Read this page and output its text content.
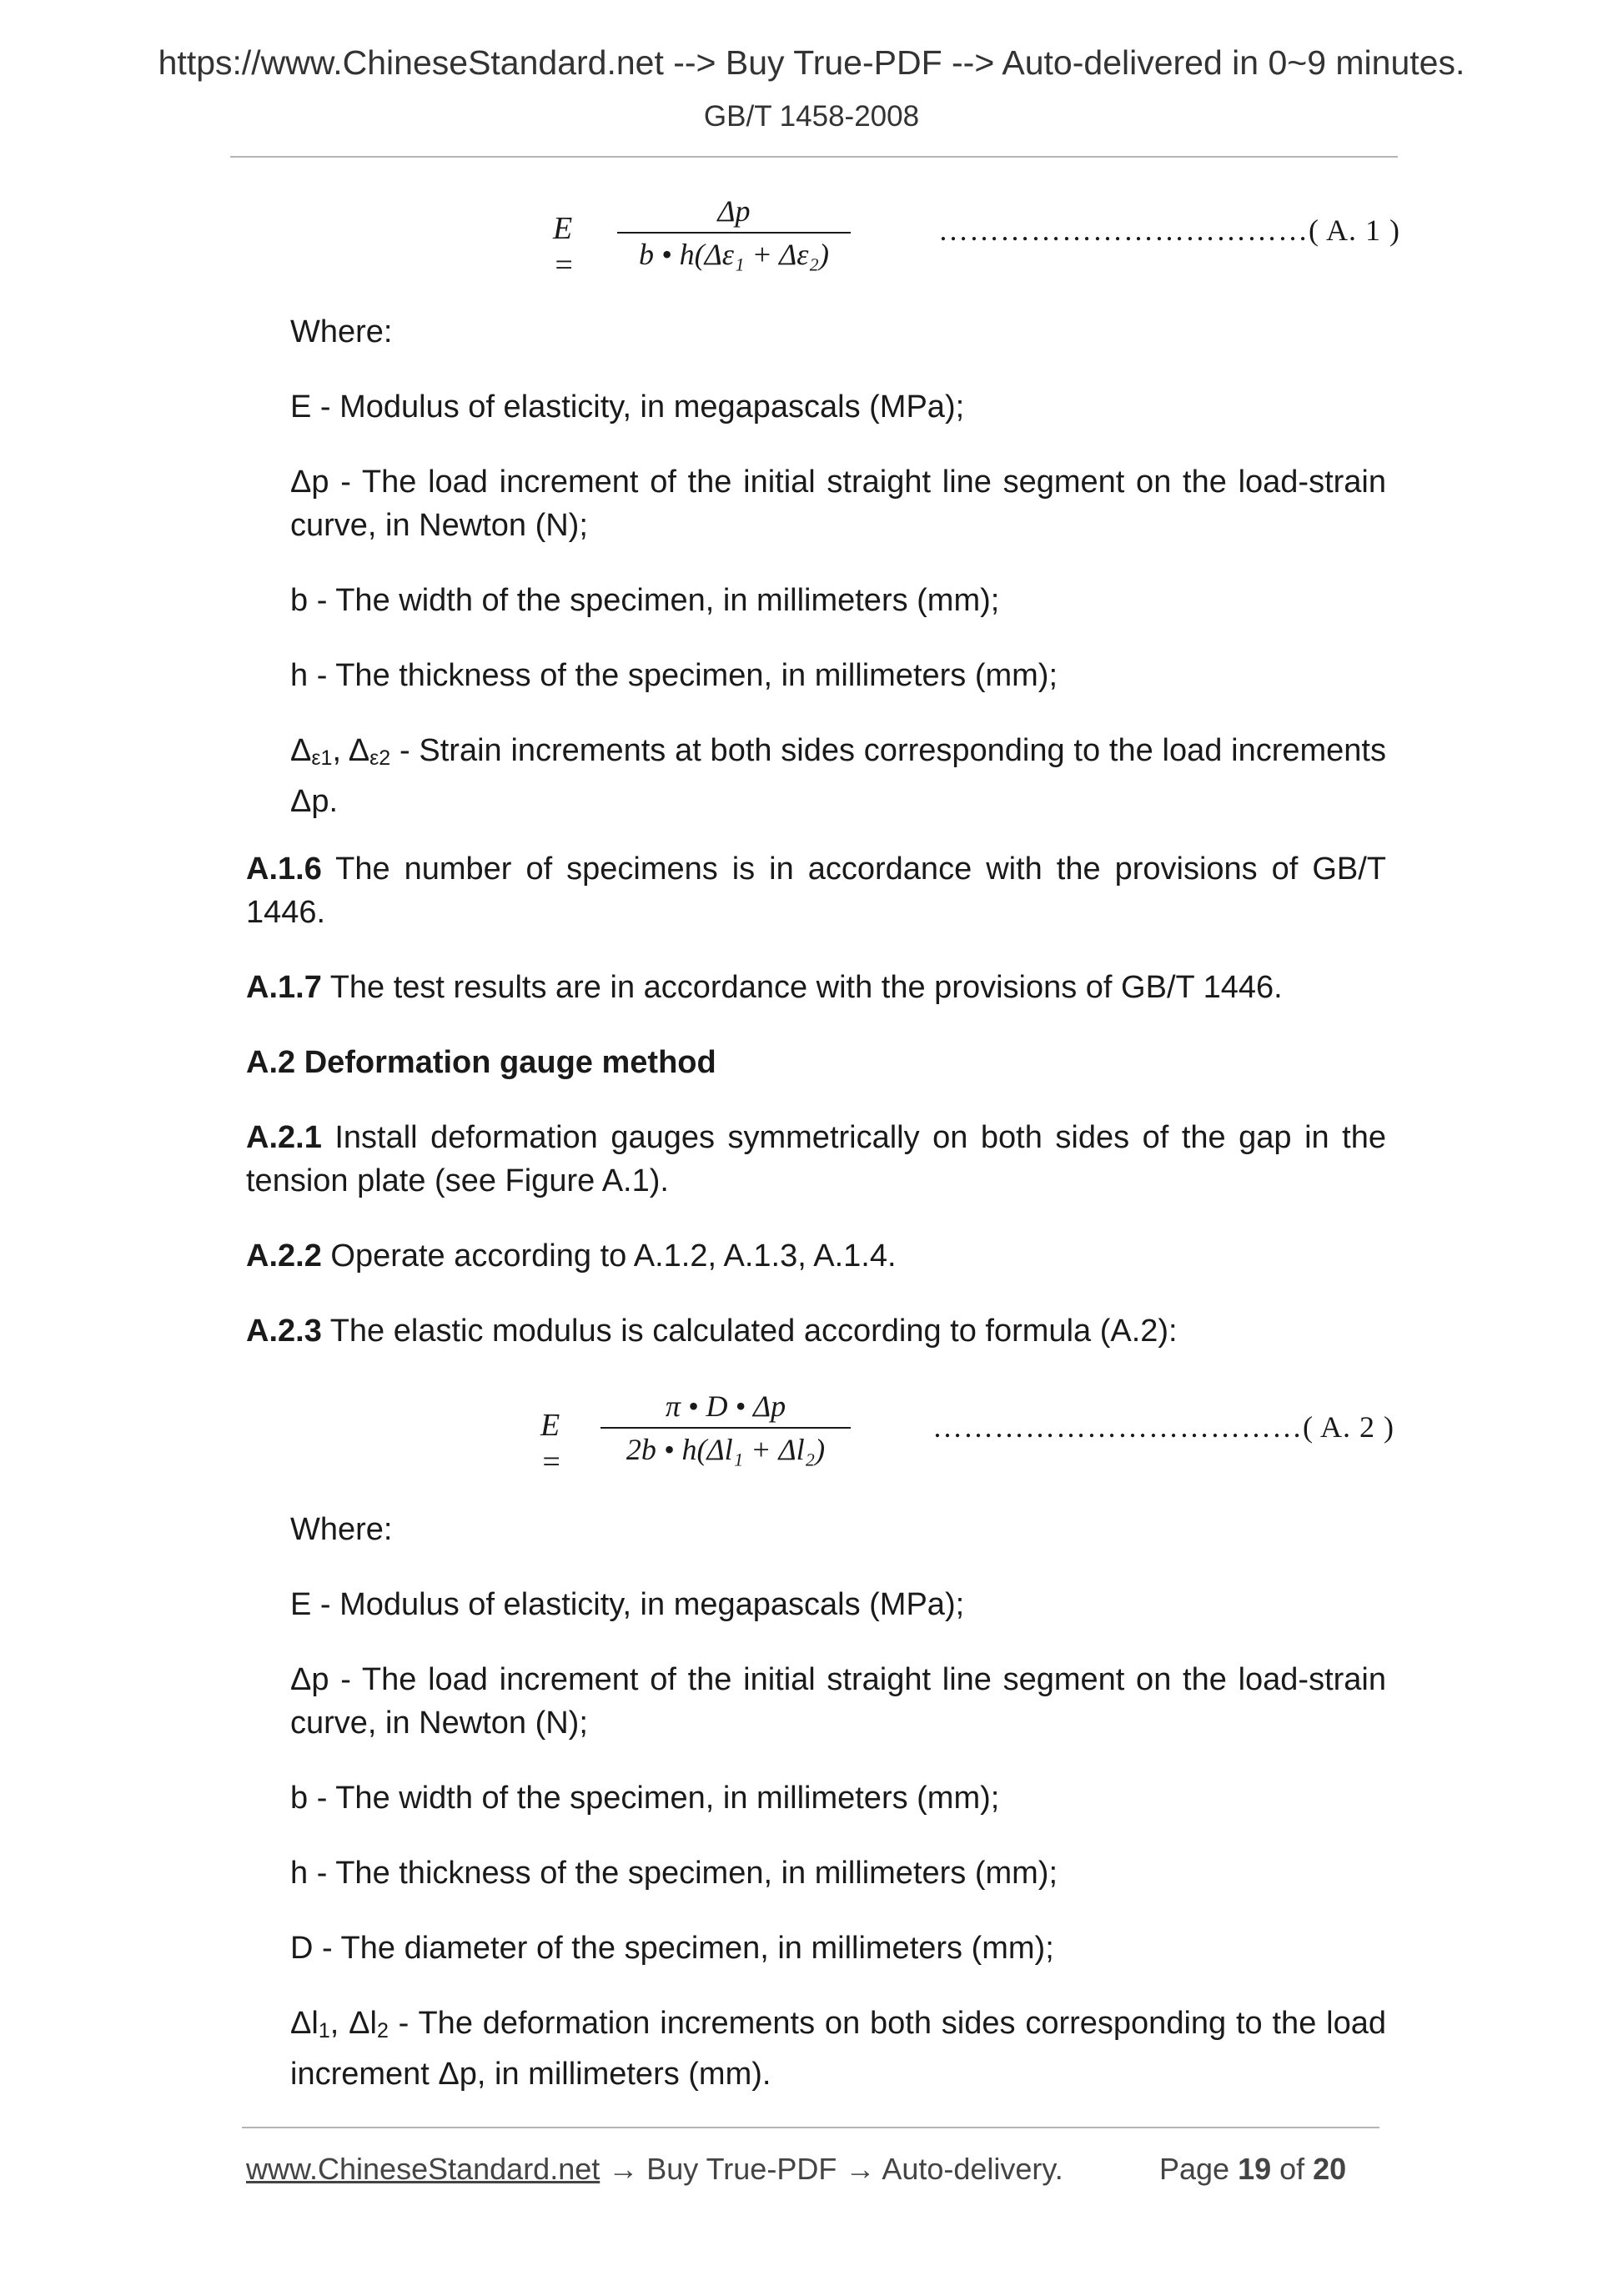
https://www.ChineseStandard.net --> Buy True-PDF --> Auto-delivered in 0~9 minutes.
GB/T 1458-2008
E =
Δp
b • h(Δε₁ + Δε₂)
………………………………( A. 1 )
Where:
E - Modulus of elasticity, in megapascals (MPa);
Δp - The load increment of the initial straight line segment on the load-strain curve, in Newton (N);
b - The width of the specimen, in millimeters (mm);
h - The thickness of the specimen, in millimeters (mm);
$\Delta_{\varepsilon 1}$, $\Delta_{\varepsilon 2}$ - Strain increments at both sides corresponding to the load increments Δp.
A.1.6 The number of specimens is in accordance with the provisions of GB/T 1446.
A.1.7 The test results are in accordance with the provisions of GB/T 1446.
A.2 Deformation gauge method
A.2.1 Install deformation gauges symmetrically on both sides of the gap in the tension plate (see Figure A.1).
A.2.2 Operate according to A.1.2, A.1.3, A.1.4.
A.2.3 The elastic modulus is calculated according to formula (A.2):
E =
π • D • Δp
2b • h(Δl₁ + Δl₂)
………………………………( A. 2 )
Where:
E - Modulus of elasticity, in megapascals (MPa);
Δp - The load increment of the initial straight line segment on the load-strain curve, in Newton (N);
b - The width of the specimen, in millimeters (mm);
h - The thickness of the specimen, in millimeters (mm);
D - The diameter of the specimen, in millimeters (mm);
$\Delta l_1$, $\Delta l_2$ - The deformation increments on both sides corresponding to the load increment Δp, in millimeters (mm).
www.ChineseStandard.net → Buy True-PDF → Auto-delivery.	Page 19 of 20
